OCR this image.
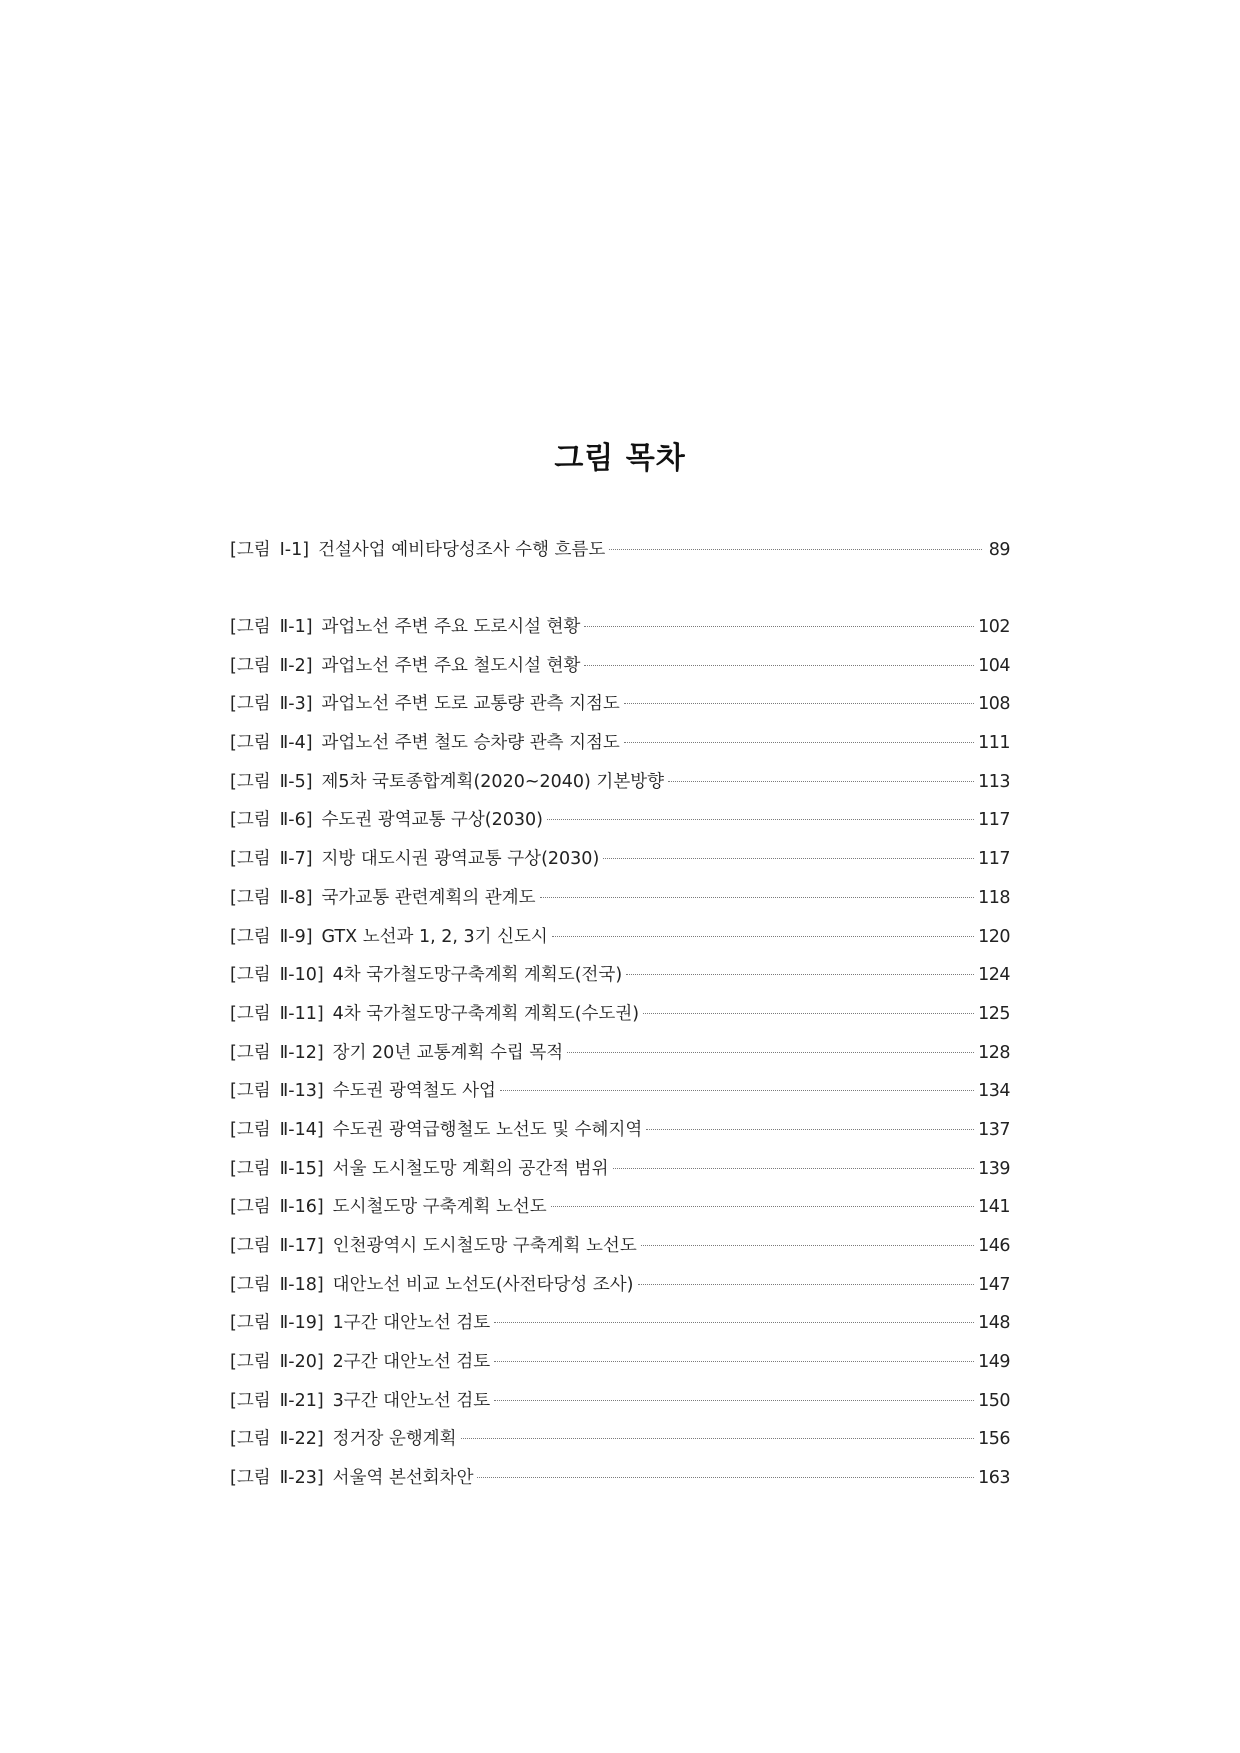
그림 목차
[그림 Ⅰ-1] 건설사업 예비타당성조사 수행 흐름도	89
[그림 Ⅱ-1] 과업노선 주변 주요 도로시설 현황	102
[그림 Ⅱ-2] 과업노선 주변 주요 철도시설 현황	104
[그림 Ⅱ-3] 과업노선 주변 도로 교통량 관측 지점도	108
[그림 Ⅱ-4] 과업노선 주변 철도 승차량 관측 지점도	111
[그림 Ⅱ-5] 제5차 국토종합계획(2020~2040) 기본방향	113
[그림 Ⅱ-6] 수도권 광역교통 구상(2030)	117
[그림 Ⅱ-7] 지방 대도시권 광역교통 구상(2030)	117
[그림 Ⅱ-8] 국가교통 관련계획의 관계도	118
[그림 Ⅱ-9] GTX 노선과 1, 2, 3기 신도시	120
[그림 Ⅱ-10] 4차 국가철도망구축계획 계획도(전국)	124
[그림 Ⅱ-11] 4차 국가철도망구축계획 계획도(수도권)	125
[그림 Ⅱ-12] 장기 20년 교통계획 수립 목적	128
[그림 Ⅱ-13] 수도권 광역철도 사업	134
[그림 Ⅱ-14] 수도권 광역급행철도 노선도 및 수혜지역	137
[그림 Ⅱ-15] 서울 도시철도망 계획의 공간적 범위	139
[그림 Ⅱ-16] 도시철도망 구축계획 노선도	141
[그림 Ⅱ-17] 인천광역시 도시철도망 구축계획 노선도	146
[그림 Ⅱ-18] 대안노선 비교 노선도(사전타당성 조사)	147
[그림 Ⅱ-19] 1구간 대안노선 검토	148
[그림 Ⅱ-20] 2구간 대안노선 검토	149
[그림 Ⅱ-21] 3구간 대안노선 검토	150
[그림 Ⅱ-22] 정거장 운행계획	156
[그림 Ⅱ-23] 서울역 본선회차안	163
